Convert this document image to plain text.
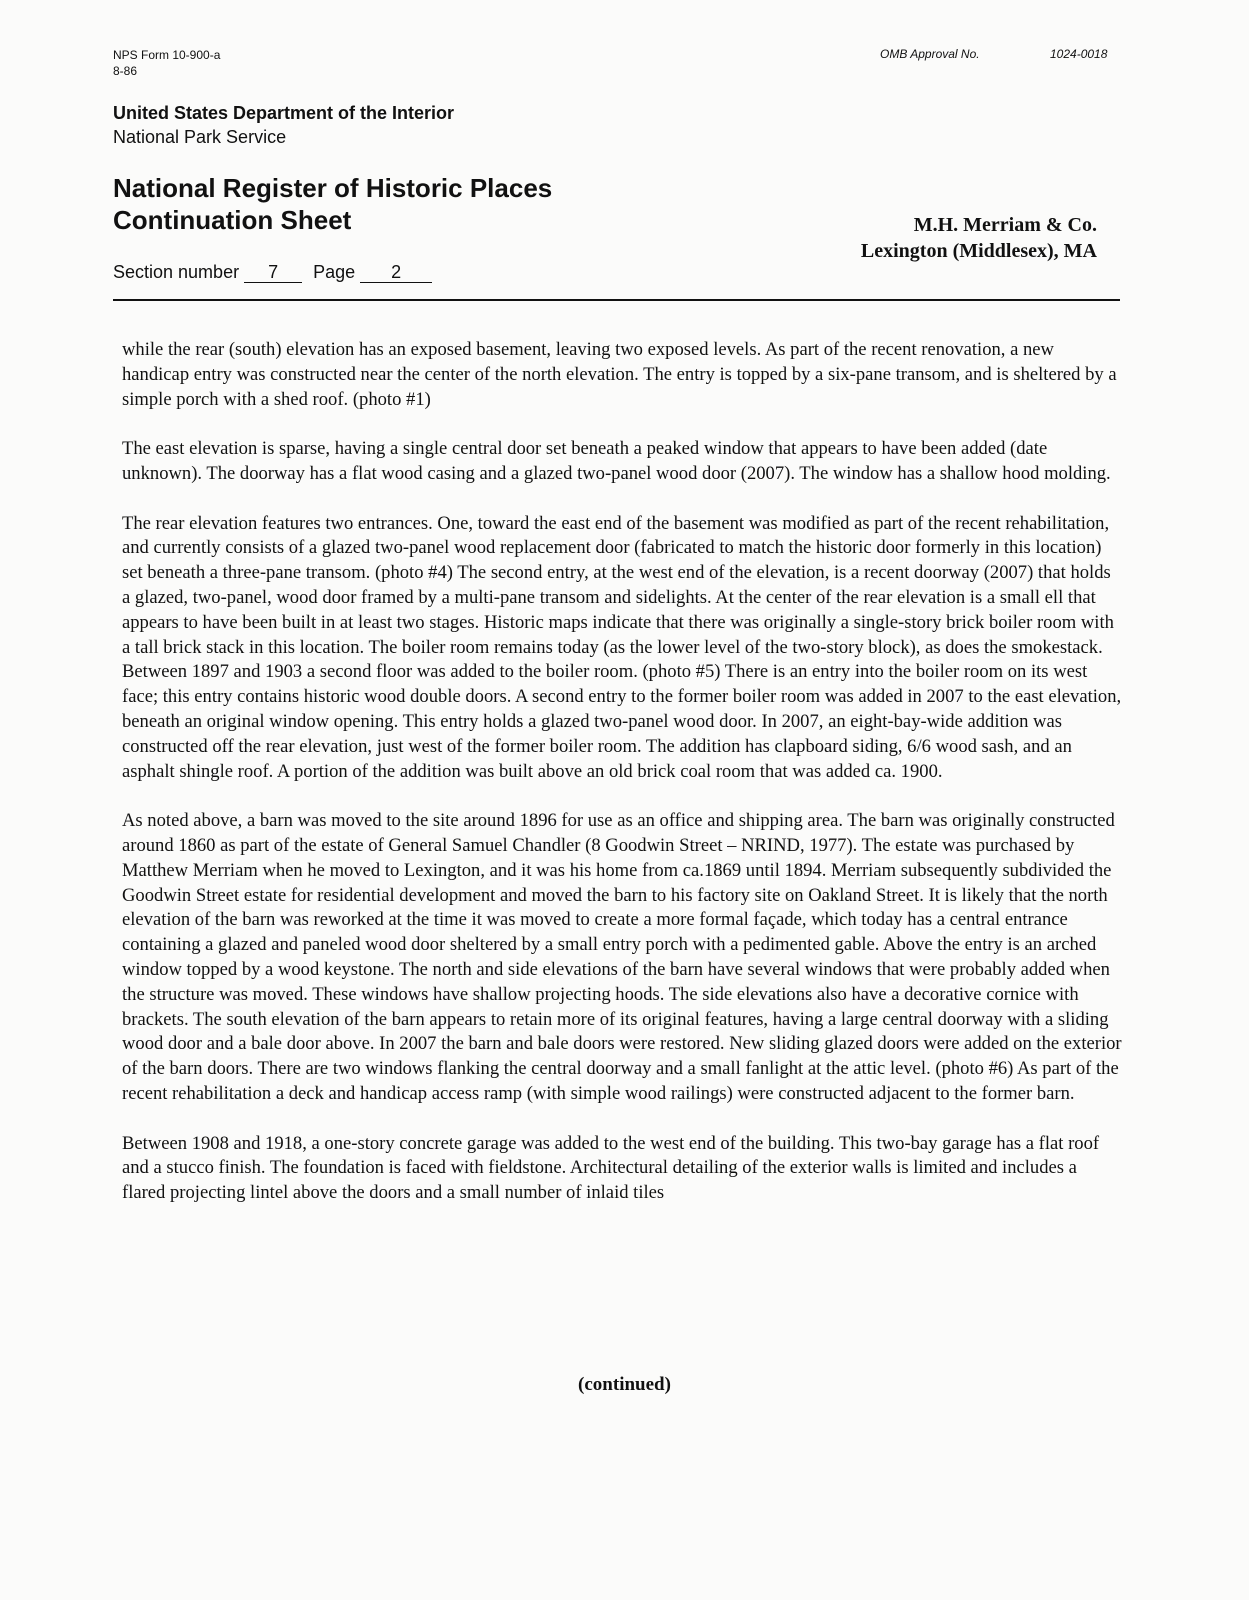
NPS Form 10-900-a
8-86
OMB Approval No.	1024-0018
United States Department of the Interior
National Park Service
National Register of Historic Places
Continuation Sheet	M.H. Merriam & Co.
Lexington (Middlesex), MA
Section number 7 Page 2

while the rear (south) elevation has an exposed basement, leaving two exposed levels. As part of the recent renovation, a new handicap entry was constructed near the center of the north elevation. The entry is topped by a six-pane transom, and is sheltered by a simple porch with a shed roof. (photo #1)

The east elevation is sparse, having a single central door set beneath a peaked window that appears to have been added (date unknown). The doorway has a flat wood casing and a glazed two-panel wood door (2007). The window has a shallow hood molding.

The rear elevation features two entrances. One, toward the east end of the basement was modified as part of the recent rehabilitation, and currently consists of a glazed two-panel wood replacement door (fabricated to match the historic door formerly in this location) set beneath a three-pane transom. (photo #4) The second entry, at the west end of the elevation, is a recent doorway (2007) that holds a glazed, two-panel, wood door framed by a multi-pane transom and sidelights. At the center of the rear elevation is a small ell that appears to have been built in at least two stages. Historic maps indicate that there was originally a single-story brick boiler room with a tall brick stack in this location. The boiler room remains today (as the lower level of the two-story block), as does the smokestack. Between 1897 and 1903 a second floor was added to the boiler room. (photo #5) There is an entry into the boiler room on its west face; this entry contains historic wood double doors. A second entry to the former boiler room was added in 2007 to the east elevation, beneath an original window opening. This entry holds a glazed two-panel wood door. In 2007, an eight-bay-wide addition was constructed off the rear elevation, just west of the former boiler room. The addition has clapboard siding, 6/6 wood sash, and an asphalt shingle roof. A portion of the addition was built above an old brick coal room that was added ca. 1900.

As noted above, a barn was moved to the site around 1896 for use as an office and shipping area. The barn was originally constructed around 1860 as part of the estate of General Samuel Chandler (8 Goodwin Street – NRIND, 1977). The estate was purchased by Matthew Merriam when he moved to Lexington, and it was his home from ca.1869 until 1894. Merriam subsequently subdivided the Goodwin Street estate for residential development and moved the barn to his factory site on Oakland Street. It is likely that the north elevation of the barn was reworked at the time it was moved to create a more formal façade, which today has a central entrance containing a glazed and paneled wood door sheltered by a small entry porch with a pedimented gable. Above the entry is an arched window topped by a wood keystone. The north and side elevations of the barn have several windows that were probably added when the structure was moved. These windows have shallow projecting hoods. The side elevations also have a decorative cornice with brackets. The south elevation of the barn appears to retain more of its original features, having a large central doorway with a sliding wood door and a bale door above. In 2007 the barn and bale doors were restored. New sliding glazed doors were added on the exterior of the barn doors. There are two windows flanking the central doorway and a small fanlight at the attic level. (photo #6) As part of the recent rehabilitation a deck and handicap access ramp (with simple wood railings) were constructed adjacent to the former barn.

Between 1908 and 1918, a one-story concrete garage was added to the west end of the building. This two-bay garage has a flat roof and a stucco finish. The foundation is faced with fieldstone. Architectural detailing of the exterior walls is limited and includes a flared projecting lintel above the doors and a small number of inlaid tiles

(continued)
